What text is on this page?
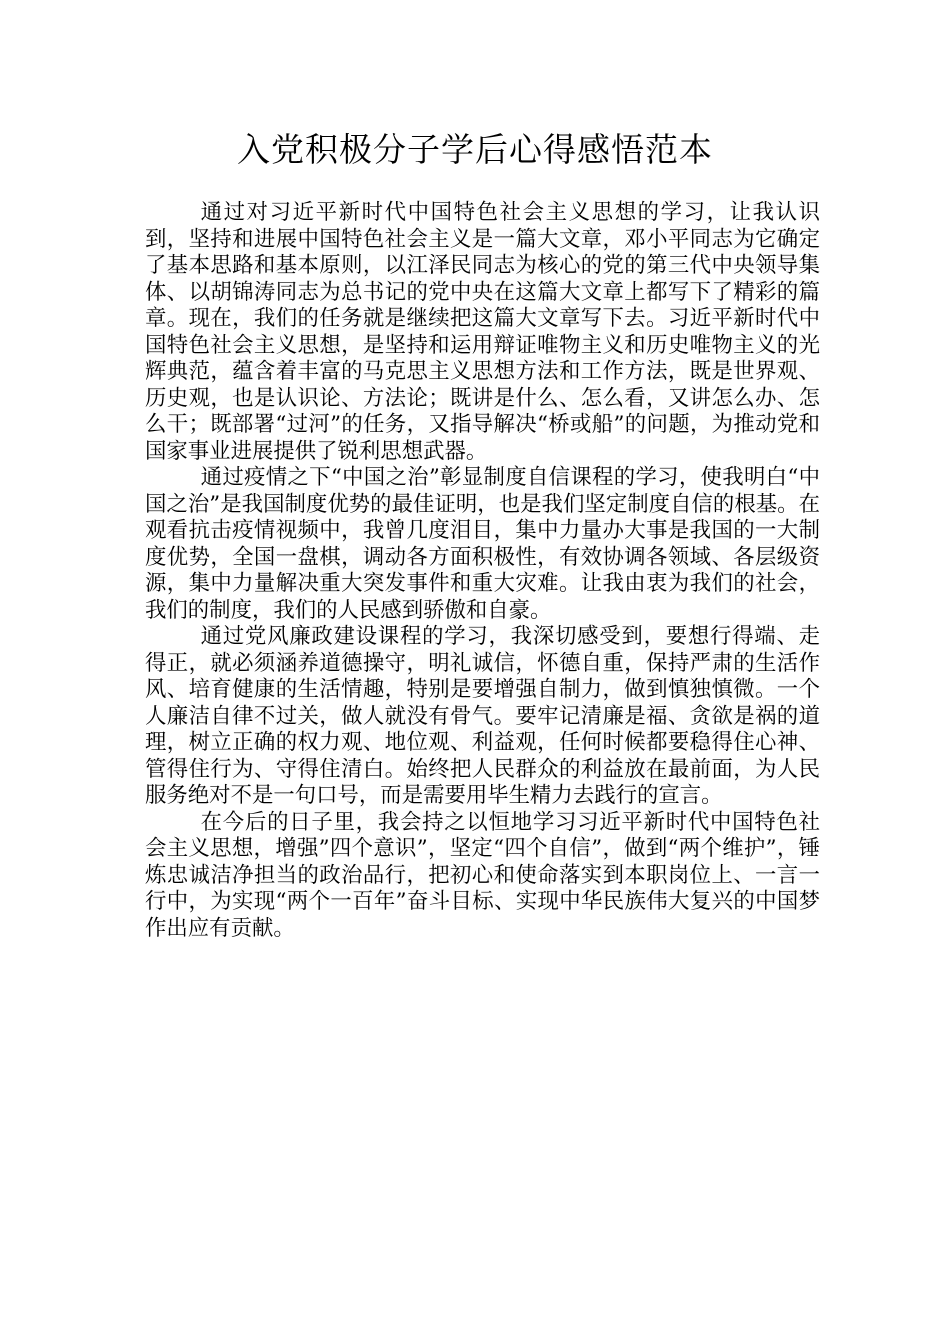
入党积极分子学后心得感悟范本

通过对习近平新时代中国特色社会主义思想的学习，让我认识到，坚持和进展中国特色社会主义是一篇大文章，邓小平同志为它确定了基本思路和基本原则，以江泽民同志为核心的党的第三代中央领导集体、以胡锦涛同志为总书记的党中央在这篇大文章上都写下了精彩的篇章。现在，我们的任务就是继续把这篇大文章写下去。习近平新时代中国特色社会主义思想，是坚持和运用辩证唯物主义和历史唯物主义的光辉典范，蕴含着丰富的马克思主义思想方法和工作方法，既是世界观、历史观，也是认识论、方法论；既讲是什么、怎么看，又讲怎么办、怎么干；既部署“过河”的任务，又指导解决“桥或船”的问题，为推动党和国家事业进展提供了锐利思想武器。

通过疫情之下“中国之治”彰显制度自信课程的学习，使我明白“中国之治”是我国制度优势的最佳证明，也是我们坚定制度自信的根基。在观看抗击疫情视频中，我曾几度泪目，集中力量办大事是我国的一大制度优势，全国一盘棋，调动各方面积极性，有效协调各领域、各层级资源，集中力量解决重大突发事件和重大灾难。让我由衷为我们的社会，我们的制度，我们的人民感到骄傲和自豪。

通过党风廉政建设课程的学习，我深切感受到，要想行得端、走得正，就必须涵养道德操守，明礼诚信，怀德自重，保持严肃的生活作风、培育健康的生活情趣，特别是要增强自制力，做到慎独慎微。一个人廉洁自律不过关，做人就没有骨气。要牢记清廉是福、贪欲是祸的道理，树立正确的权力观、地位观、利益观，任何时候都要稳得住心神、管得住行为、守得住清白。始终把人民群众的利益放在最前面，为人民服务绝对不是一句口号，而是需要用毕生精力去践行的宣言。

在今后的日子里，我会持之以恒地学习习近平新时代中国特色社会主义思想，增强”四个意识”，坚定“四个自信”，做到“两个维护”，锤炼忠诚洁净担当的政治品行，把初心和使命落实到本职岗位上、一言一行中，为实现“两个一百年”奋斗目标、实现中华民族伟大复兴的中国梦作出应有贡献。
